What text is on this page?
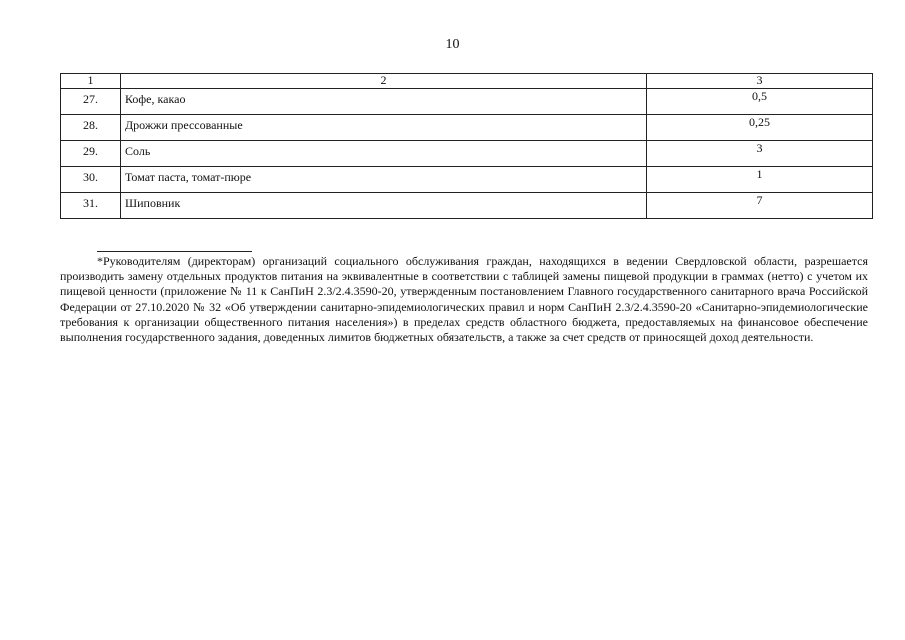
10
1	2	3
27.	Кофе, какао	0,5
28.	Дрожжи прессованные	0,25
29.	Соль	3
30.	Томат паста, томат-пюре	1
31.	Шиповник	7

*Руководителям (директорам) организаций социального обслуживания граждан, находящихся в ведении Свердловской области, разрешается производить замену отдельных продуктов питания на эквивалентные в соответствии с таблицей замены пищевой продукции в граммах (нетто) с учетом их пищевой ценности (приложение № 11 к СанПиН 2.3/2.4.3590-20, утвержденным постановлением Главного государственного санитарного врача Российской Федерации от 27.10.2020 № 32 «Об утверждении санитарно-эпидемиологических правил и норм СанПиН 2.3/2.4.3590-20 «Санитарно-эпидемиологические требования к организации общественного питания населения») в пределах средств областного бюджета, предоставляемых на финансовое обеспечение выполнения государственного задания, доведенных лимитов бюджетных обязательств, а также за счет средств от приносящей доход деятельности.
